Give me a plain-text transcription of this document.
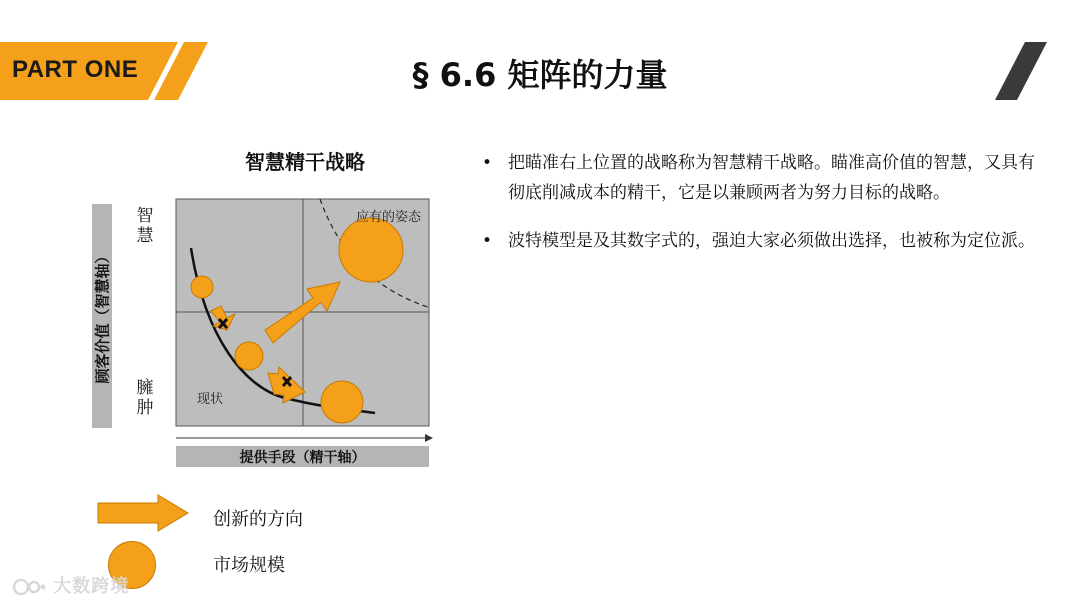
PART ONE	§ 6.6 矩阵的力量
智慧精干战略
顾客价值（智慧轴）
智慧
臃肿
应有的姿态
现状
提供手段（精干轴）
创新的方向
市场规模
• 把瞄准右上位置的战略称为智慧精干战略。瞄准高价值的智慧，又具有彻底削减成本的精干，它是以兼顾两者为努力目标的战略。
• 波特模型是及其数字式的，强迫大家必须做出选择，也被称为定位派。
大数跨境
